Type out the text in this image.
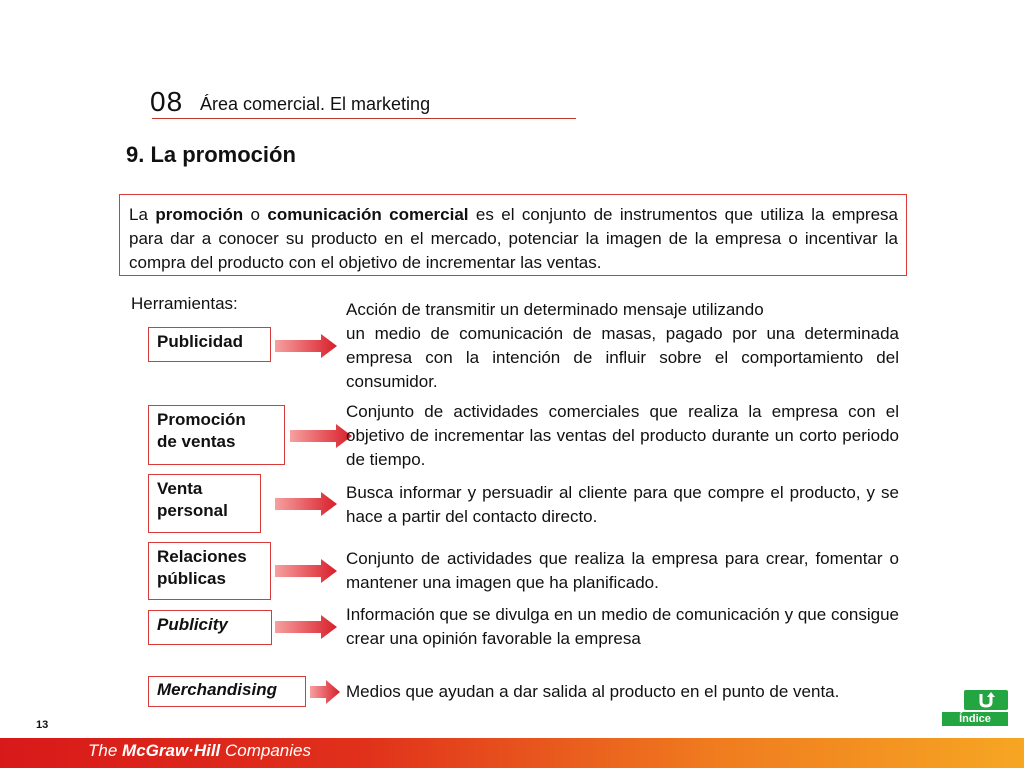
08 Área comercial. El marketing
9. La promoción
La promoción o comunicación comercial es el conjunto de instrumentos que utiliza la empresa para dar a conocer su producto en el mercado, potenciar la imagen de la empresa o incentivar la compra del producto con el objetivo de incrementar las ventas.
Herramientas:
Publicidad

Acción de transmitir un determinado mensaje utilizando

un medio de comunicación de masas, pagado por una determinada empresa con la intención de influir sobre el comportamiento del consumidor.

Promoción
de ventas

Conjunto de actividades comerciales que realiza la empresa con el objetivo de incrementar las ventas del producto durante un corto periodo de tiempo.

Venta
personal

Busca informar y persuadir al cliente para que compre el producto, y se hace a partir del contacto directo.

Relaciones
públicas

Conjunto de actividades que realiza la empresa para crear, fomentar o mantener una imagen que ha planificado.

Publicity

Información que se divulga en un medio de comunicación y que consigue crear una opinión favorable la empresa

Merchandising	Medios que ayudan a dar salida al producto en el punto de venta.

13	Índice
The McGraw·Hill Companies
